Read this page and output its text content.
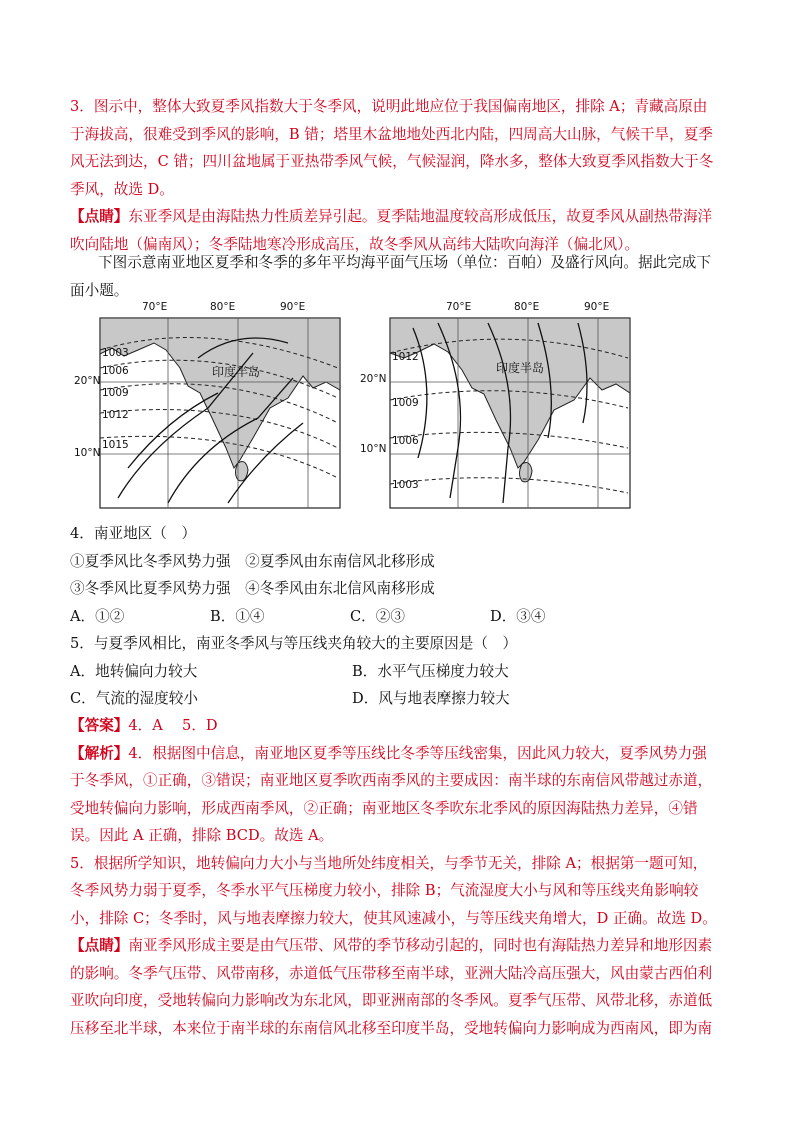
3．图示中，整体大致夏季风指数大于冬季风，说明此地应位于我国偏南地区，排除 A；青藏高原由
于海拔高，很难受到季风的影响，B 错；塔里木盆地地处西北内陆，四周高大山脉，气候干旱，夏季
风无法到达，C 错；四川盆地属于亚热带季风气候，气候湿润，降水多，整体大致夏季风指数大于冬
季风，故选 D。
【点睛】东亚季风是由海陆热力性质差异引起。夏季陆地温度较高形成低压，故夏季风从副热带海洋
吹向陆地（偏南风）；冬季陆地寒冷形成高压，故冬季风从高纬大陆吹向海洋（偏北风）。
下图示意南亚地区夏季和冬季的多年平均海平面气压场（单位：百帕）及盛行风向。据此完成下
面小题。
70°E	80°E	90°E
20°N
10°N
1003
1006
1009
1012
1015
印度半岛
70°E	80°E	90°E
20°N
10°N
1012
1009
1006
1003
印度半岛
4．南亚地区（　）
①夏季风比冬季风势力强　②夏季风由东南信风北移形成
③冬季风比夏季风势力强　④冬季风由东北信风南移形成
A．①②	B．①④	C．②③	D．③④
5．与夏季风相比，南亚冬季风与等压线夹角较大的主要原因是（　）
A．地转偏向力较大	B．水平气压梯度力较大
C．气流的湿度较小	D．风与地表摩擦力较大
【答案】4．A　 5．D
【解析】4．根据图中信息，南亚地区夏季等压线比冬季等压线密集，因此风力较大，夏季风势力强
于冬季风，①正确，③错误；南亚地区夏季吹西南季风的主要成因：南半球的东南信风带越过赤道，
受地转偏向力影响，形成西南季风，②正确；南亚地区冬季吹东北季风的原因海陆热力差异，④错
误。因此 A 正确，排除 BCD。故选 A。
5．根据所学知识，地转偏向力大小与当地所处纬度相关，与季节无关，排除 A；根据第一题可知，
冬季风势力弱于夏季，冬季水平气压梯度力较小，排除 B；气流湿度大小与风和等压线夹角影响较
小，排除 C；冬季时，风与地表摩擦力较大，使其风速减小，与等压线夹角增大，D 正确。故选 D。
【点睛】南亚季风形成主要是由气压带、风带的季节移动引起的，同时也有海陆热力差异和地形因素
的影响。冬季气压带、风带南移，赤道低气压带移至南半球，亚洲大陆冷高压强大，风由蒙古西伯利
亚吹向印度，受地转偏向力影响改为东北风，即亚洲南部的冬季风。夏季气压带、风带北移，赤道低
压移至北半球，本来位于南半球的东南信风北移至印度半岛，受地转偏向力影响成为西南风，即为南
